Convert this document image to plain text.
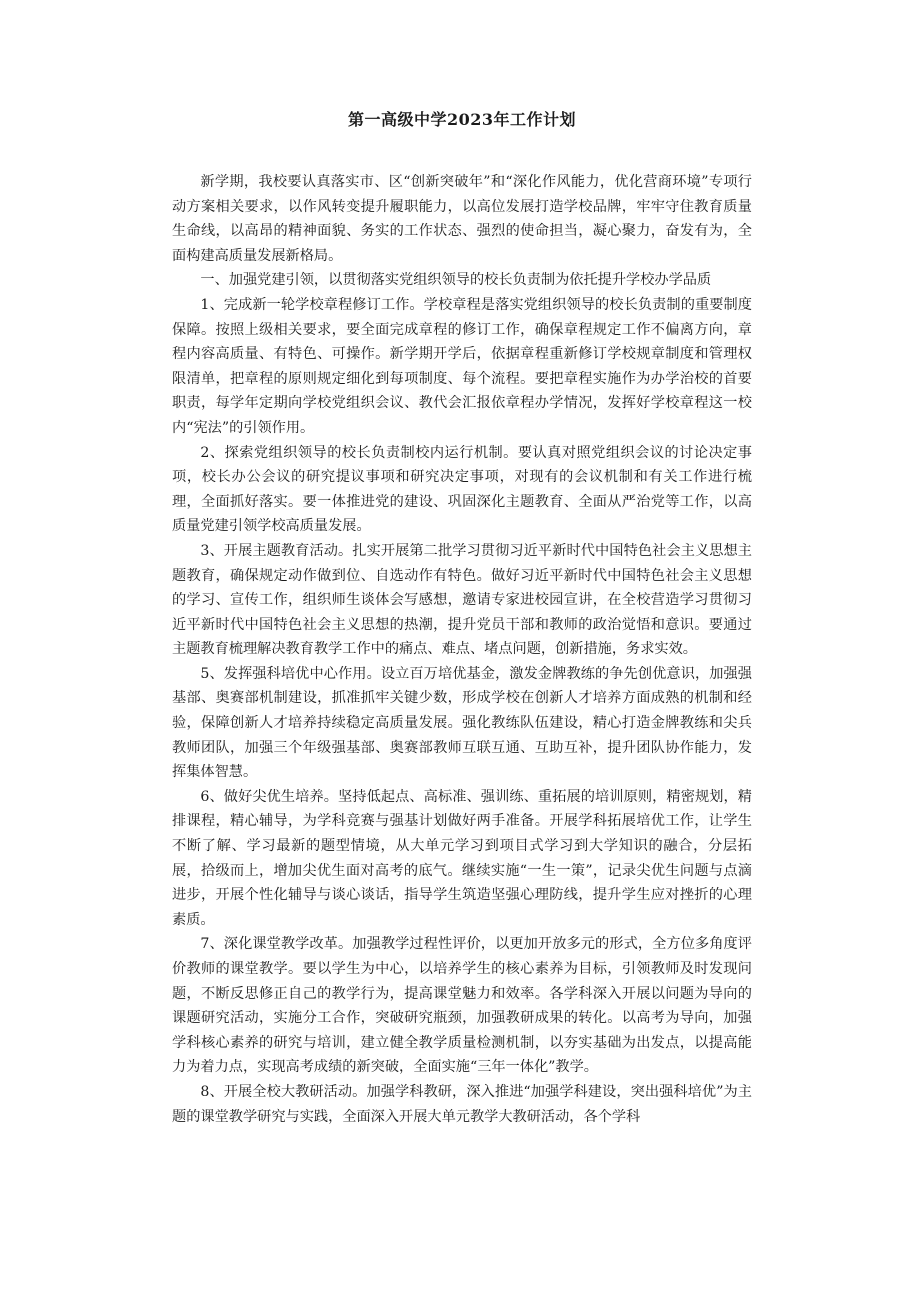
第一高级中学2023年工作计划

新学期，我校要认真落实市、区“创新突破年”和“深化作风能力，优化营商环境”专项行动方案相关要求，以作风转变提升履职能力，以高位发展打造学校品牌，牢牢守住教育质量生命线，以高昂的精神面貌、务实的工作状态、强烈的使命担当，凝心聚力，奋发有为，全面构建高质量发展新格局。

一、加强党建引领，以贯彻落实党组织领导的校长负责制为依托提升学校办学品质

1、完成新一轮学校章程修订工作。学校章程是落实党组织领导的校长负责制的重要制度保障。按照上级相关要求，要全面完成章程的修订工作，确保章程规定工作不偏离方向，章程内容高质量、有特色、可操作。新学期开学后，依据章程重新修订学校规章制度和管理权限清单，把章程的原则规定细化到每项制度、每个流程。要把章程实施作为办学治校的首要职责，每学年定期向学校党组织会议、教代会汇报依章程办学情况，发挥好学校章程这一校内“宪法”的引领作用。

2、探索党组织领导的校长负责制校内运行机制。要认真对照党组织会议的讨论决定事项，校长办公会议的研究提议事项和研究决定事项，对现有的会议机制和有关工作进行梳理，全面抓好落实。要一体推进党的建设、巩固深化主题教育、全面从严治党等工作，以高质量党建引领学校高质量发展。

3、开展主题教育活动。扎实开展第二批学习贯彻习近平新时代中国特色社会主义思想主题教育，确保规定动作做到位、自选动作有特色。做好习近平新时代中国特色社会主义思想的学习、宣传工作，组织师生谈体会写感想，邀请专家进校园宣讲，在全校营造学习贯彻习近平新时代中国特色社会主义思想的热潮，提升党员干部和教师的政治觉悟和意识。要通过主题教育梳理解决教育教学工作中的痛点、难点、堵点问题，创新措施，务求实效。

5、发挥强科培优中心作用。设立百万培优基金，激发金牌教练的争先创优意识，加强强基部、奥赛部机制建设，抓准抓牢关键少数，形成学校在创新人才培养方面成熟的机制和经验，保障创新人才培养持续稳定高质量发展。强化教练队伍建设，精心打造金牌教练和尖兵教师团队，加强三个年级强基部、奥赛部教师互联互通、互助互补，提升团队协作能力，发挥集体智慧。

6、做好尖优生培养。坚持低起点、高标准、强训练、重拓展的培训原则，精密规划，精排课程，精心辅导，为学科竞赛与强基计划做好两手准备。开展学科拓展培优工作，让学生不断了解、学习最新的题型情境，从大单元学习到项目式学习到大学知识的融合，分层拓展，拾级而上，增加尖优生面对高考的底气。继续实施“一生一策”，记录尖优生问题与点滴进步，开展个性化辅导与谈心谈话，指导学生筑造坚强心理防线，提升学生应对挫折的心理素质。

7、深化课堂教学改革。加强教学过程性评价，以更加开放多元的形式，全方位多角度评价教师的课堂教学。要以学生为中心，以培养学生的核心素养为目标，引领教师及时发现问题，不断反思修正自己的教学行为，提高课堂魅力和效率。各学科深入开展以问题为导向的课题研究活动，实施分工合作，突破研究瓶颈，加强教研成果的转化。以高考为导向，加强学科核心素养的研究与培训，建立健全教学质量检测机制，以夯实基础为出发点，以提高能力为着力点，实现高考成绩的新突破，全面实施“三年一体化”教学。

8、开展全校大教研活动。加强学科教研，深入推进“加强学科建设，突出强科培优”为主题的课堂教学研究与实践，全面深入开展大单元教学大教研活动，各个学科
